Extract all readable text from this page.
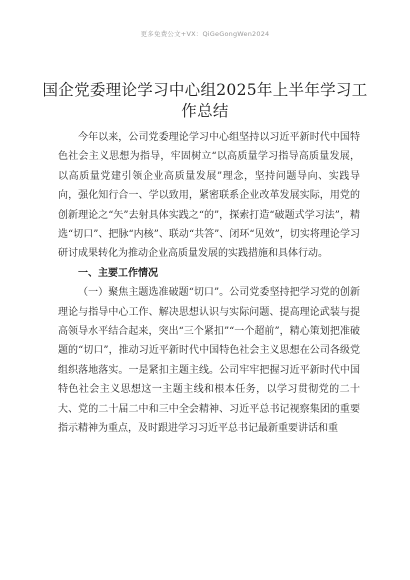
更多免费公文+VX：QiGeGongWen2024
国企党委理论学习中心组2025年上半年学习工作总结

今年以来，公司党委理论学习中心组坚持以习近平新时代中国特色社会主义思想为指导，牢固树立“以高质量学习指导高质量发展，以高质量党建引领企业高质量发展”理念，坚持问题导向、实践导向，强化知行合一、学以致用，紧密联系企业改革发展实际，用党的创新理论之“矢”去射具体实践之“的”，探索打造“破题式学习法”，精选“切口”、把脉“内核”、联动“共答”、闭环“见效”，切实将理论学习研讨成果转化为推动企业高质量发展的实践措施和具体行动。

一、主要工作情况

（一）聚焦主题选准破题“切口”。公司党委坚持把学习党的创新理论与指导中心工作、解决思想认识与实际问题、提高理论武装与提高领导水平结合起来，突出“三个紧扣”“一个超前”，精心策划把准破题的“切口”，推动习近平新时代中国特色社会主义思想在公司各级党组织落地落实。一是紧扣主题主线。公司牢牢把握习近平新时代中国特色社会主义思想这一主题主线和根本任务，以学习贯彻党的二十大、党的二十届二中和三中全会精神、习近平总书记视察集团的重要指示精神为重点，及时跟进学习习近平总书记最新重要讲话和重
